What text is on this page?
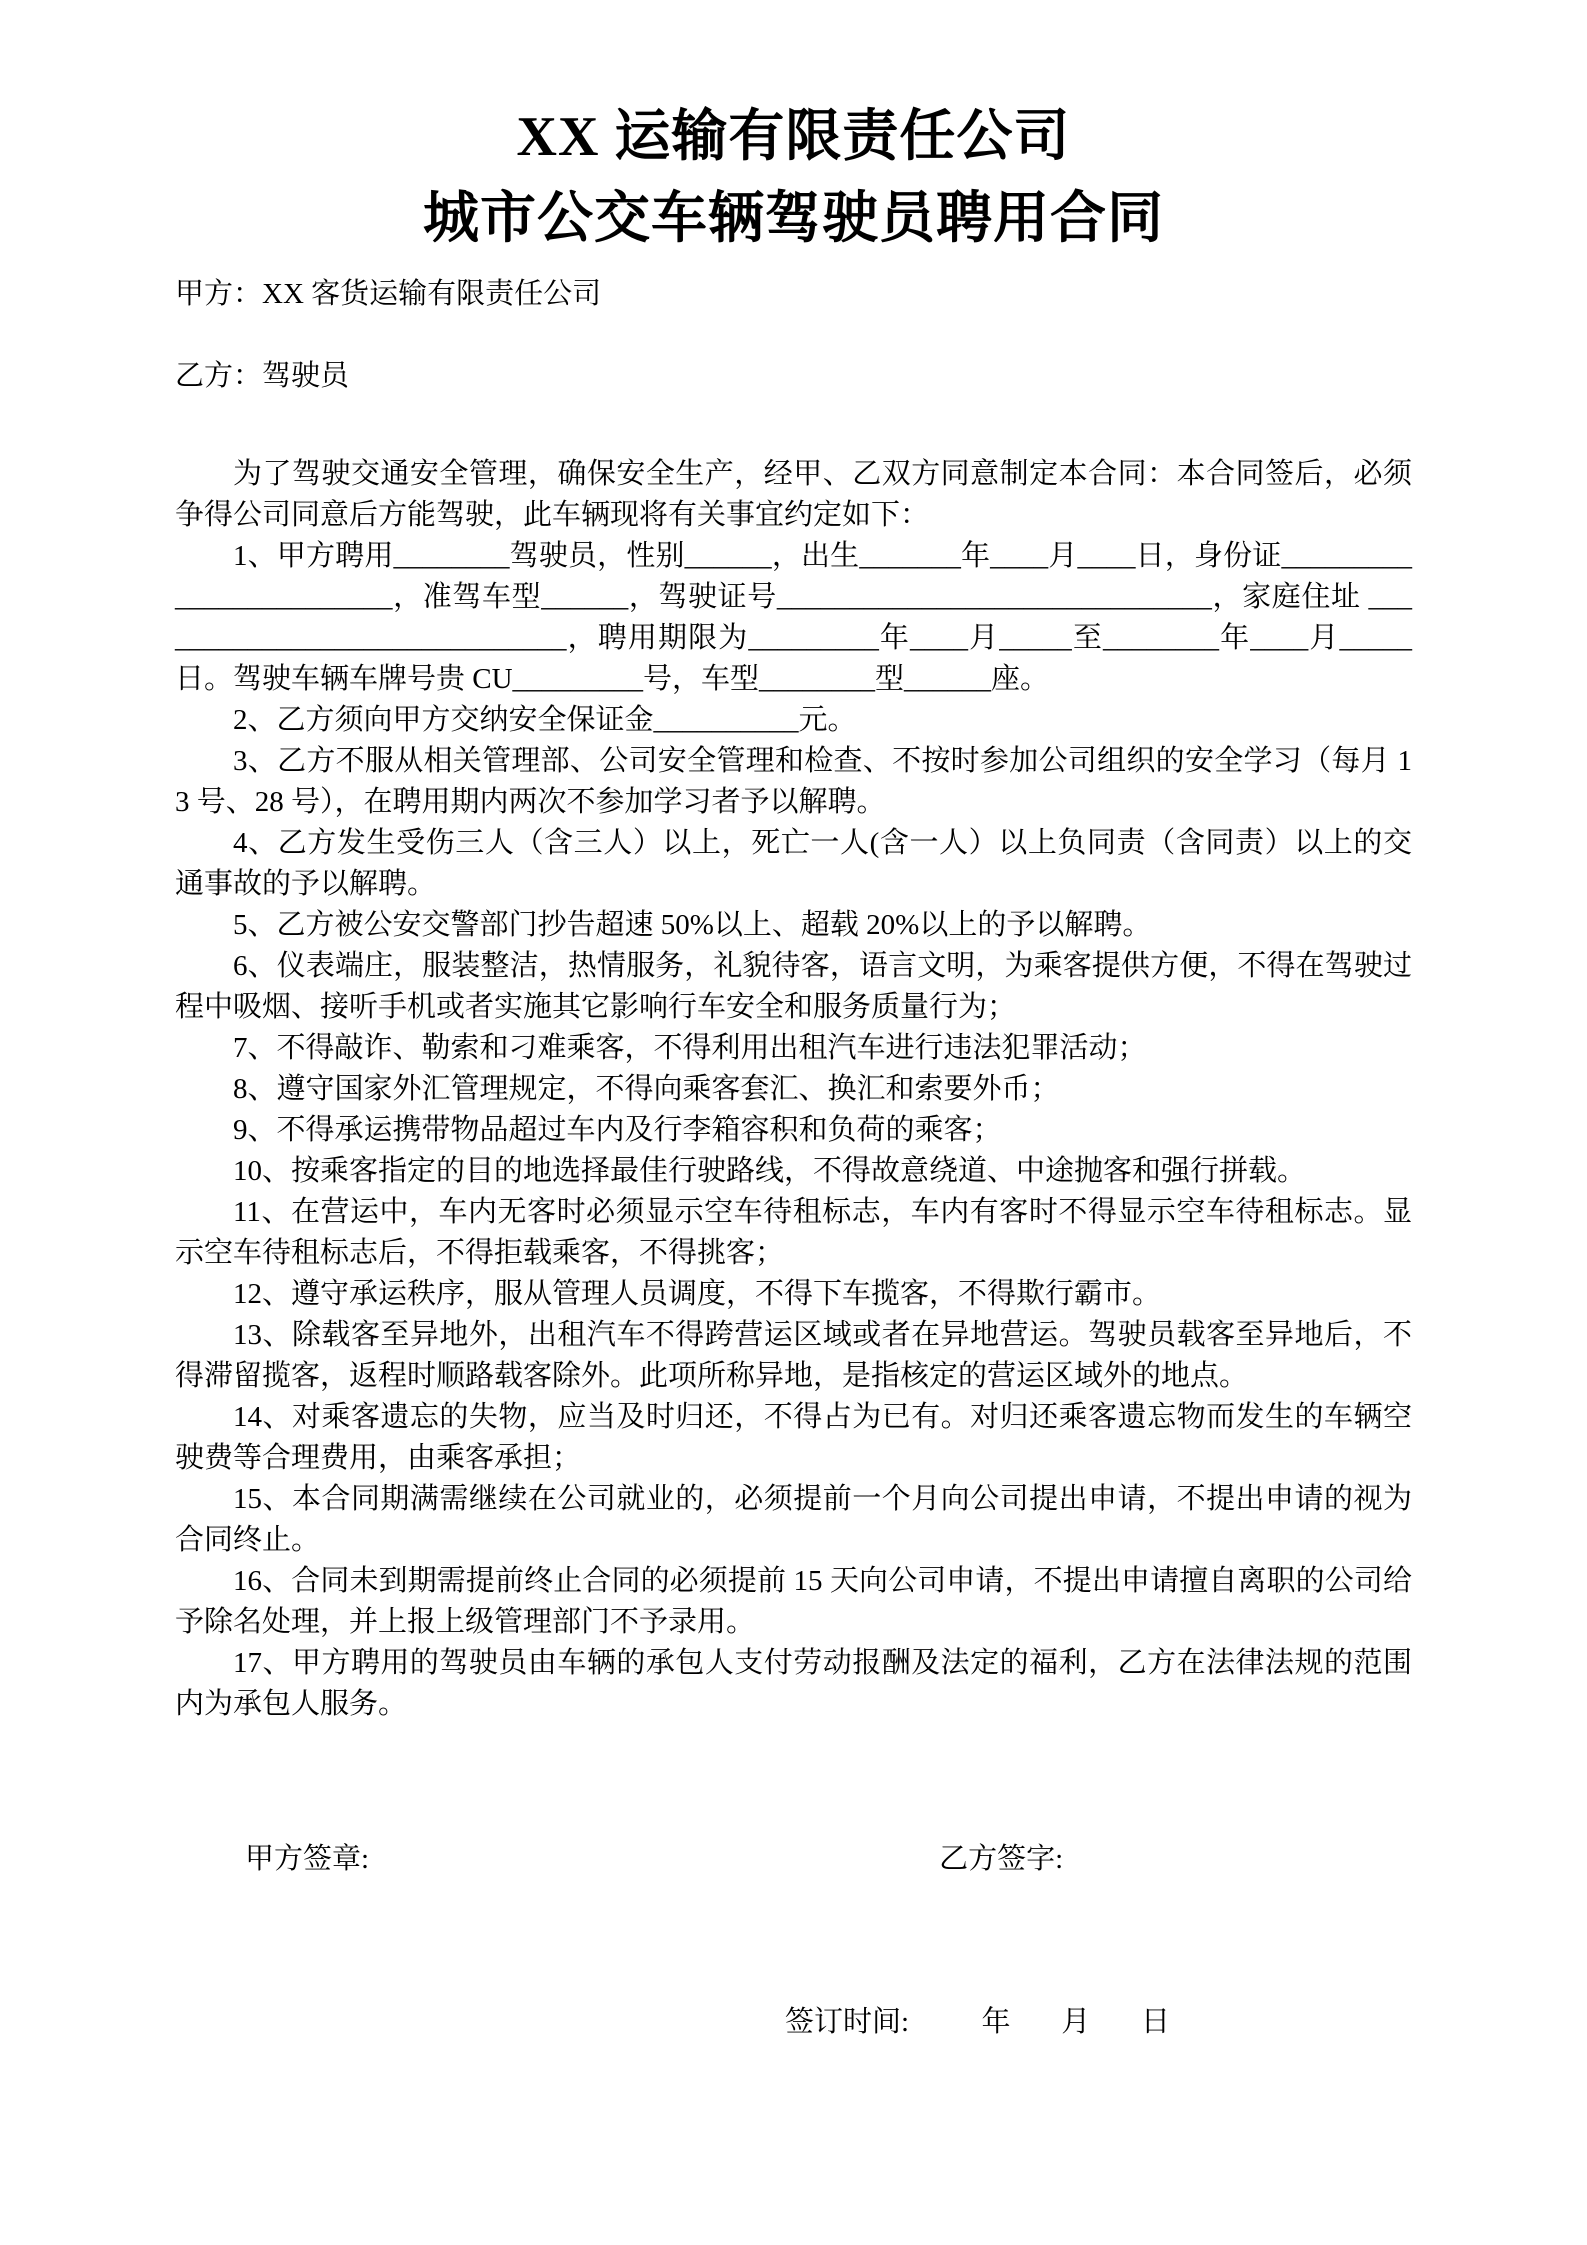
XX 运输有限责任公司
城市公交车辆驾驶员聘用合同

甲方：XX 客货运输有限责任公司

乙方：驾驶员

为了驾驶交通安全管理，确保安全生产，经甲、乙双方同意制定本合同：本合同签后，必须争得公司同意后方能驾驶，此车辆现将有关事宜约定如下：

1、甲方聘用________驾驶员，性别______，出生_______年____月____日，身份证________________________，准驾车型______，驾驶证号______________________________，家庭住址 ______________________________，聘用期限为_________年____月_____至________年____月_____日。驾驶车辆车牌号贵 CU_________号，车型________型______座。

2、乙方须向甲方交纳安全保证金__________元。

3、乙方不服从相关管理部、公司安全管理和检查、不按时参加公司组织的安全学习（每月 13 号、28 号），在聘用期内两次不参加学习者予以解聘。

4、乙方发生受伤三人（含三人）以上，死亡一人(含一人）以上负同责（含同责）以上的交通事故的予以解聘。

5、乙方被公安交警部门抄告超速 50%以上、超载 20%以上的予以解聘。

6、仪表端庄，服装整洁，热情服务，礼貌待客，语言文明，为乘客提供方便，不得在驾驶过程中吸烟、接听手机或者实施其它影响行车安全和服务质量行为；

7、不得敲诈、勒索和刁难乘客，不得利用出租汽车进行违法犯罪活动；

8、遵守国家外汇管理规定，不得向乘客套汇、换汇和索要外币；

9、不得承运携带物品超过车内及行李箱容积和负荷的乘客；

10、按乘客指定的目的地选择最佳行驶路线，不得故意绕道、中途抛客和强行拼载。

11、在营运中，车内无客时必须显示空车待租标志，车内有客时不得显示空车待租标志。显示空车待租标志后，不得拒载乘客，不得挑客；

12、遵守承运秩序，服从管理人员调度，不得下车揽客，不得欺行霸市。

13、除载客至异地外，出租汽车不得跨营运区域或者在异地营运。驾驶员载客至异地后，不得滞留揽客，返程时顺路载客除外。此项所称异地，是指核定的营运区域外的地点。

14、对乘客遗忘的失物，应当及时归还，不得占为已有。对归还乘客遗忘物而发生的车辆空驶费等合理费用，由乘客承担；

15、本合同期满需继续在公司就业的，必须提前一个月向公司提出申请，不提出申请的视为合同终止。

16、合同未到期需提前终止合同的必须提前 15 天向公司申请，不提出申请擅自离职的公司给予除名处理，并上报上级管理部门不予录用。

17、甲方聘用的驾驶员由车辆的承包人支付劳动报酬及法定的福利，乙方在法律法规的范围内为承包人服务。

甲方签章:	乙方签字:
签订时间:          年       月       日
